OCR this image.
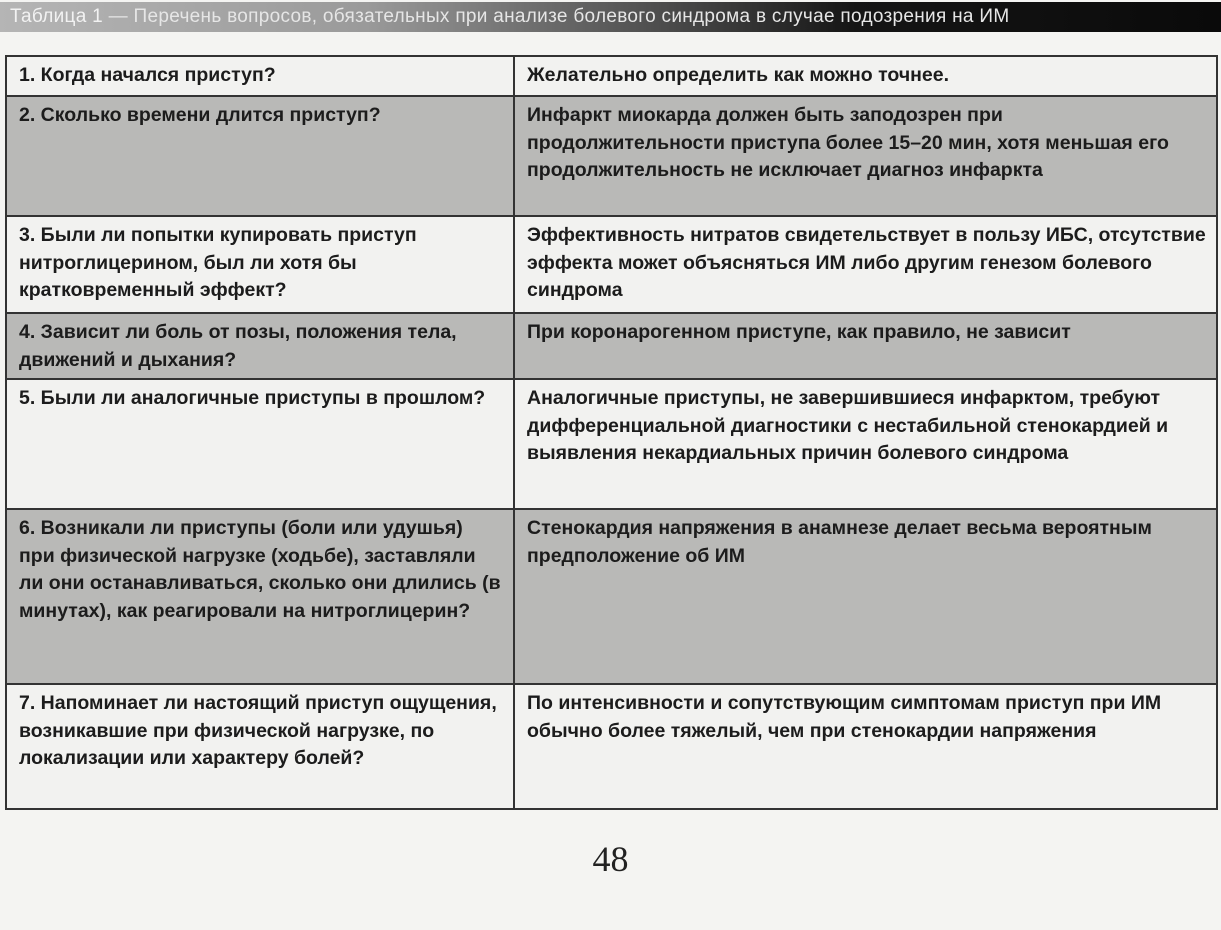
Таблица 1 — Перечень вопросов, обязательных при анализе болевого синдрома в случае подозрения на ИМ
1. Когда начался приступ?	Желательно определить как можно точнее.
2. Сколько времени длится приступ?	Инфаркт миокарда должен быть заподозрен при продолжительности приступа более 15–20 мин, хотя меньшая его продолжительность не исключает диагноз инфаркта
3. Были ли попытки купировать приступ нитроглицерином, был ли хотя бы кратковременный эффект?	Эффективность нитратов свидетельствует в пользу ИБС, отсутствие эффекта может объясняться ИМ либо другим генезом болевого синдрома
4. Зависит ли боль от позы, положения тела, движений и дыхания?	При коронарогенном приступе, как правило, не зависит
5. Были ли аналогичные приступы в прошлом?	Аналогичные приступы, не завершившиеся инфарктом, требуют дифференциальной диагностики с нестабильной стенокардией и выявления некардиальных причин болевого синдрома
6. Возникали ли приступы (боли или удушья) при физической нагрузке (ходьбе), заставляли ли они останавливаться, сколько они длились (в минутах), как реагировали на нитроглицерин?	Стенокардия напряжения в анамнезе делает весьма вероятным предположение об ИМ
7. Напоминает ли настоящий приступ ощущения, возникавшие при физической нагрузке, по локализации или характеру болей?	По интенсивности и сопутствующим симптомам приступ при ИМ обычно более тяжелый, чем при стенокардии напряжения
48
